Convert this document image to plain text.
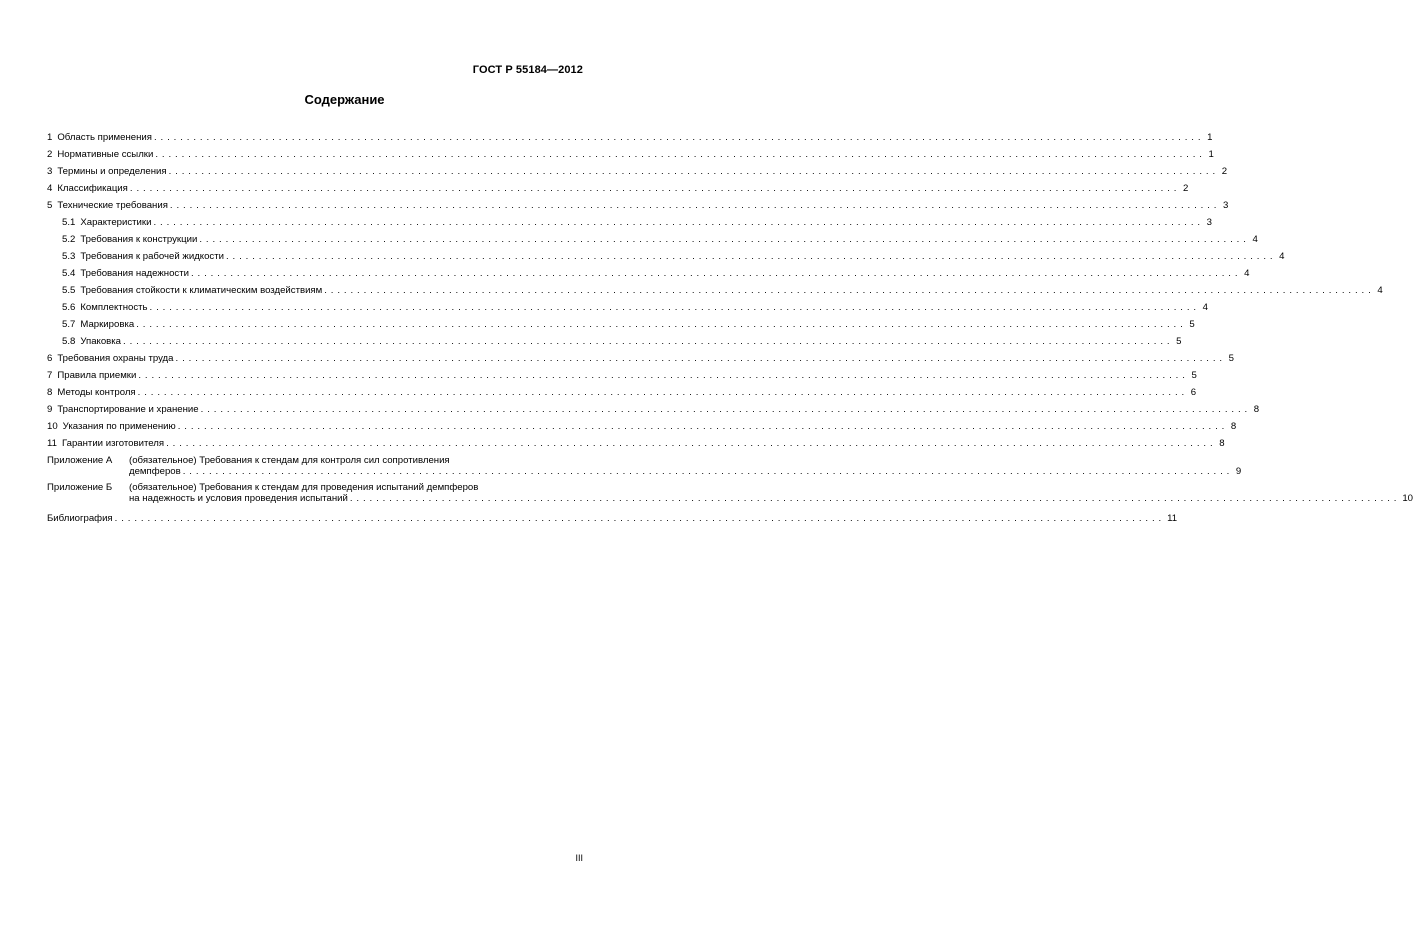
ГОСТ Р 55184—2012
Содержание
1 Область применения ................................................................................................................................................................ 1
2 Нормативные ссылки ................................................................................................................................................................ 1
3 Термины и определения ................................................................................................................................................................ 2
4 Классификация ................................................................................................................................................................ 2
5 Технические требования ................................................................................................................................................................ 3
5.1 Характеристики ................................................................................................................................................................ 3
5.2 Требования к конструкции ................................................................................................................................................................ 4
5.3 Требования к рабочей жидкости ................................................................................................................................................................ 4
5.4 Требования надежности ................................................................................................................................................................ 4
5.5 Требования стойкости к климатическим воздействиям ................................................................................................................................................................ 4
5.6 Комплектность ................................................................................................................................................................ 4
5.7 Маркировка ................................................................................................................................................................ 5
5.8 Упаковка ................................................................................................................................................................ 5
6 Требования охраны труда ................................................................................................................................................................ 5
7 Правила приемки ................................................................................................................................................................ 5
8 Методы контроля ................................................................................................................................................................ 6
9 Транспортирование и хранение ................................................................................................................................................................ 8
10 Указания по применению ................................................................................................................................................................ 8
11 Гарантии изготовителя ................................................................................................................................................................ 8
Приложение А	(обязательное) Требования к стендам для контроля сил сопротивления
демпферов ................................................................................................................................................................ 9
Приложение Б	(обязательное) Требования к стендам для проведения испытаний демпферов
на надежность и условия проведения испытаний ................................................................................................................................................................ 10
Библиография ................................................................................................................................................................ 11
III
